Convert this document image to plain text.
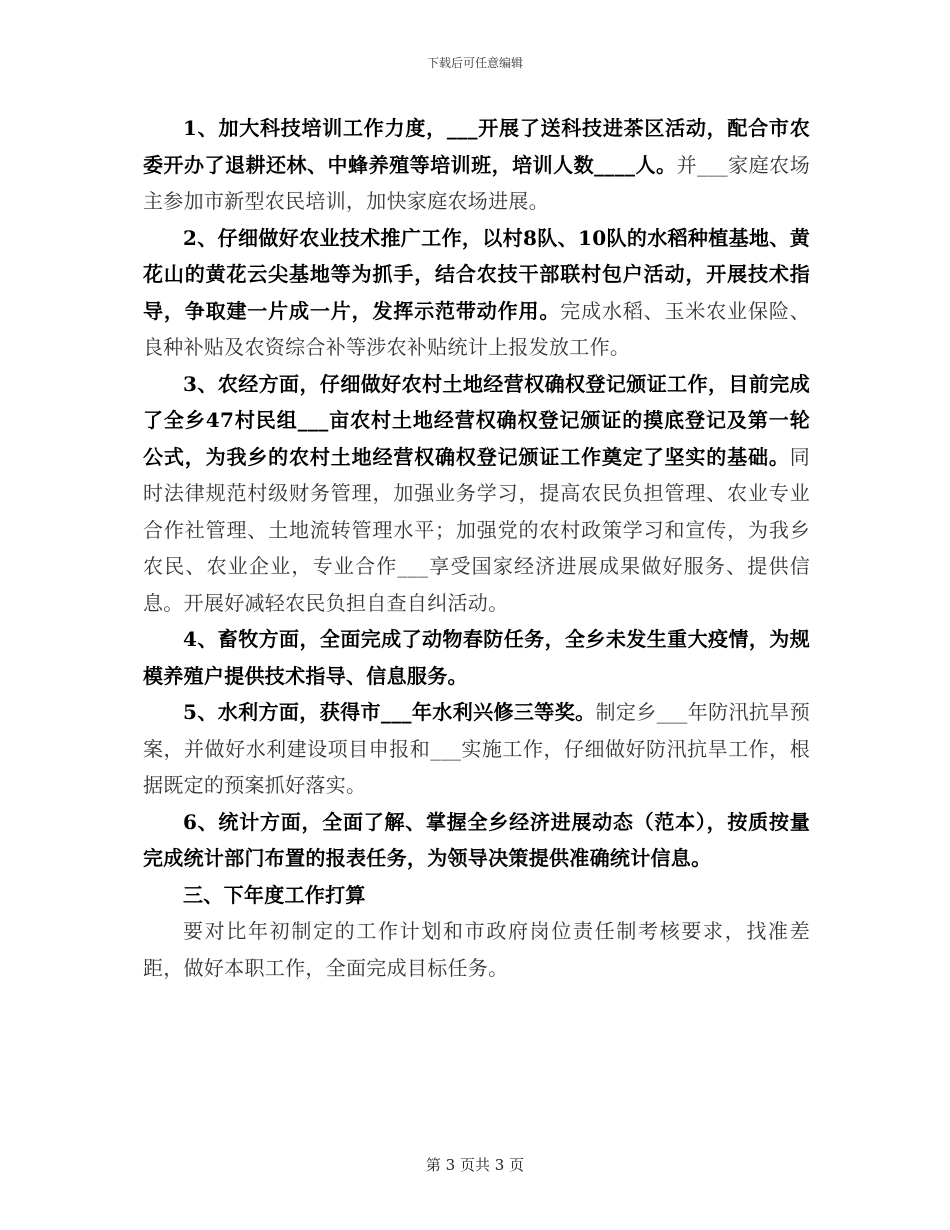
下载后可任意编辑

1、加大科技培训工作力度，___开展了送科技进茶区活动，配合市农委开办了退耕还林、中蜂养殖等培训班，培训人数____人。并___家庭农场主参加市新型农民培训，加快家庭农场进展。

2、仔细做好农业技术推广工作，以村8队、10队的水稻种植基地、黄花山的黄花云尖基地等为抓手，结合农技干部联村包户活动，开展技术指导，争取建一片成一片，发挥示范带动作用。完成水稻、玉米农业保险、良种补贴及农资综合补等涉农补贴统计上报发放工作。

3、农经方面，仔细做好农村土地经营权确权登记颁证工作，目前完成了全乡47村民组___亩农村土地经营权确权登记颁证的摸底登记及第一轮公式，为我乡的农村土地经营权确权登记颁证工作奠定了坚实的基础。同时法律规范村级财务管理，加强业务学习，提高农民负担管理、农业专业合作社管理、土地流转管理水平；加强党的农村政策学习和宣传，为我乡农民、农业企业，专业合作___享受国家经济进展成果做好服务、提供信息。开展好减轻农民负担自查自纠活动。

4、畜牧方面，全面完成了动物春防任务，全乡未发生重大疫情，为规模养殖户提供技术指导、信息服务。

5、水利方面，获得市___年水利兴修三等奖。制定乡___年防汛抗旱预案，并做好水利建设项目申报和___实施工作，仔细做好防汛抗旱工作，根据既定的预案抓好落实。

6、统计方面，全面了解、掌握全乡经济进展动态（范本），按质按量完成统计部门布置的报表任务，为领导决策提供准确统计信息。

三、下年度工作打算

要对比年初制定的工作计划和市政府岗位责任制考核要求，找准差距，做好本职工作，全面完成目标任务。

第 3 页共 3 页
